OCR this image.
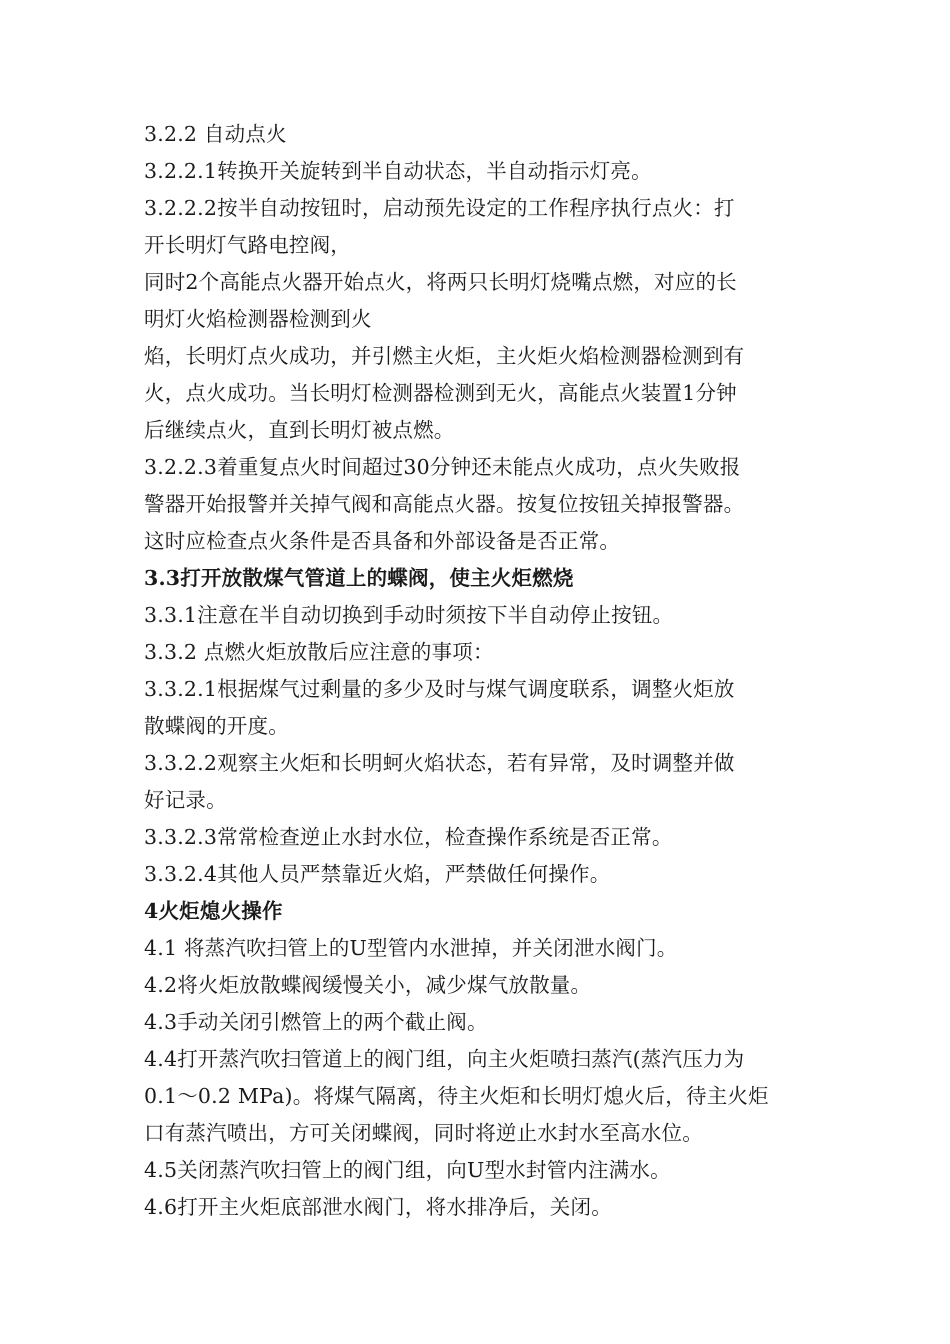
3.2.2 自动点火
3.2.2.1转换开关旋转到半自动状态，半自动指示灯亮。
3.2.2.2按半自动按钮时，启动预先设定的工作程序执行点火：打
开长明灯气路电控阀，
同时2个高能点火器开始点火，将两只长明灯烧嘴点燃，对应的长
明灯火焰检测器检测到火
焰，长明灯点火成功，并引燃主火炬，主火炬火焰检测器检测到有
火，点火成功。当长明灯检测器检测到无火，高能点火装置1分钟
后继续点火，直到长明灯被点燃。
3.2.2.3着重复点火时间超过30分钟还未能点火成功，点火失败报
警器开始报警并关掉气阀和高能点火器。按复位按钮关掉报警器。
这时应检查点火条件是否具备和外部设备是否正常。
3.3打开放散煤气管道上的蝶阀，使主火炬燃烧
3.3.1注意在半自动切换到手动时须按下半自动停止按钮。
3.3.2 点燃火炬放散后应注意的事项：
3.3.2.1根据煤气过剩量的多少及时与煤气调度联系，调整火炬放
散蝶阀的开度。
3.3.2.2观察主火炬和长明蚵火焰状态，若有异常，及时调整并做
好记录。
3.3.2.3常常检查逆止水封水位，检查操作系统是否正常。
3.3.2.4其他人员严禁靠近火焰，严禁做任何操作。
4火炬熄火操作
4.1 将蒸汽吹扫管上的U型管内水泄掉，并关闭泄水阀门。
4.2将火炬放散蝶阀缓慢关小，减少煤气放散量。
4.3手动关闭引燃管上的两个截止阀。
4.4打开蒸汽吹扫管道上的阀门组，向主火炬喷扫蒸汽(蒸汽压力为
0.1～0.2 MPa)。将煤气隔离，待主火炬和长明灯熄火后，待主火炬
口有蒸汽喷出，方可关闭蝶阀，同时将逆止水封水至高水位。
4.5关闭蒸汽吹扫管上的阀门组，向U型水封管内注满水。
4.6打开主火炬底部泄水阀门，将水排净后，关闭。
